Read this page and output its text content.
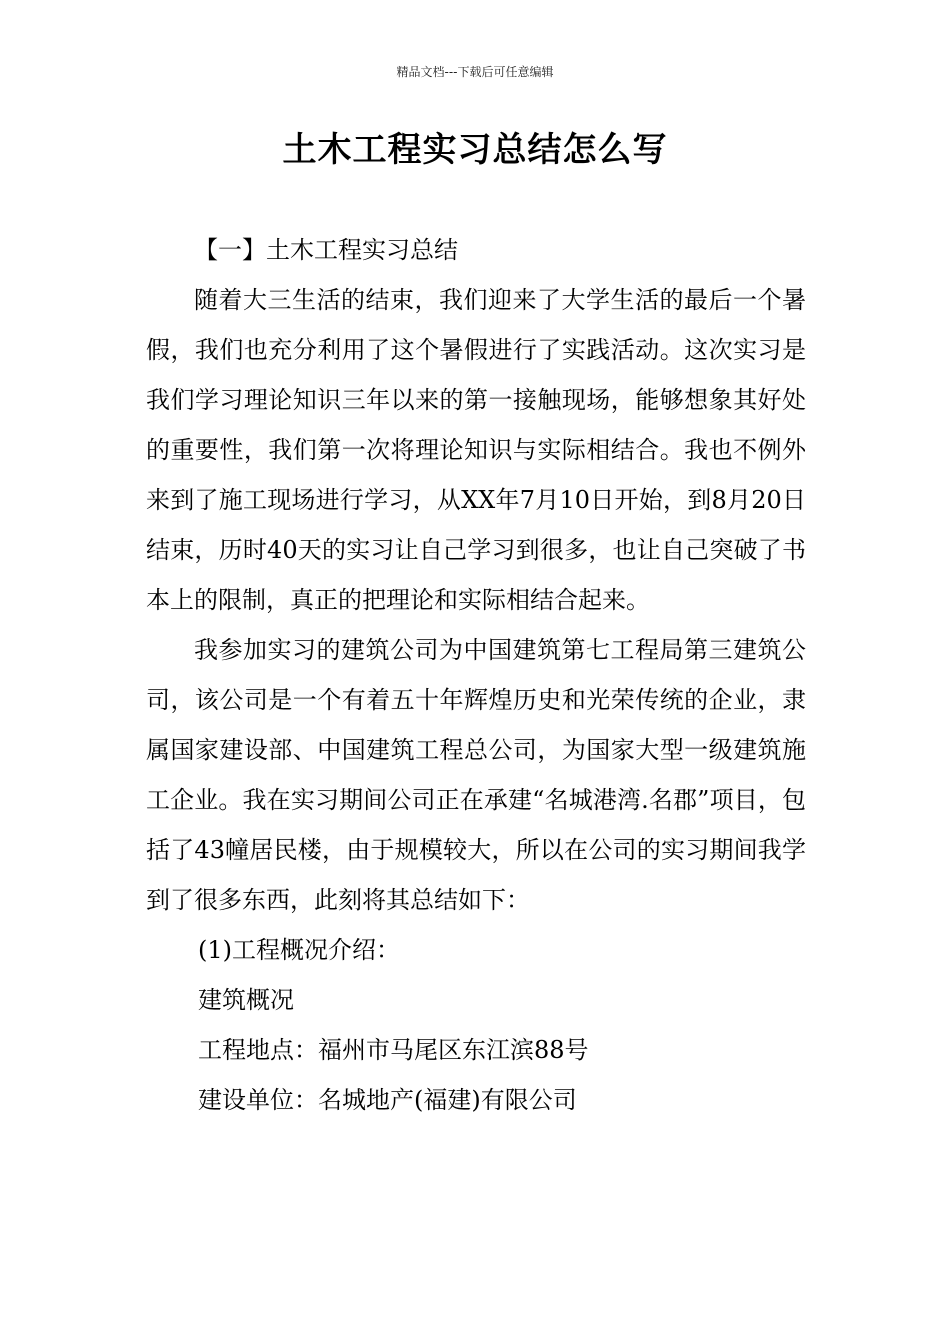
精品文档---下载后可任意编辑
土木工程实习总结怎么写

【一】土木工程实习总结

随着大三生活的结束，我们迎来了大学生活的最后一个暑假，我们也充分利用了这个暑假进行了实践活动。这次实习是我们学习理论知识三年以来的第一接触现场，能够想象其好处的重要性，我们第一次将理论知识与实际相结合。我也不例外来到了施工现场进行学习，从XX年7月10日开始，到8月20日结束，历时40天的实习让自己学习到很多，也让自己突破了书本上的限制，真正的把理论和实际相结合起来。

我参加实习的建筑公司为中国建筑第七工程局第三建筑公司，该公司是一个有着五十年辉煌历史和光荣传统的企业，隶属国家建设部、中国建筑工程总公司，为国家大型一级建筑施工企业。我在实习期间公司正在承建“名城港湾.名郡”项目，包括了43幢居民楼，由于规模较大，所以在公司的实习期间我学到了很多东西，此刻将其总结如下：

(1)工程概况介绍：

建筑概况

工程地点：福州市马尾区东江滨88号

建设单位：名城地产(福建)有限公司
